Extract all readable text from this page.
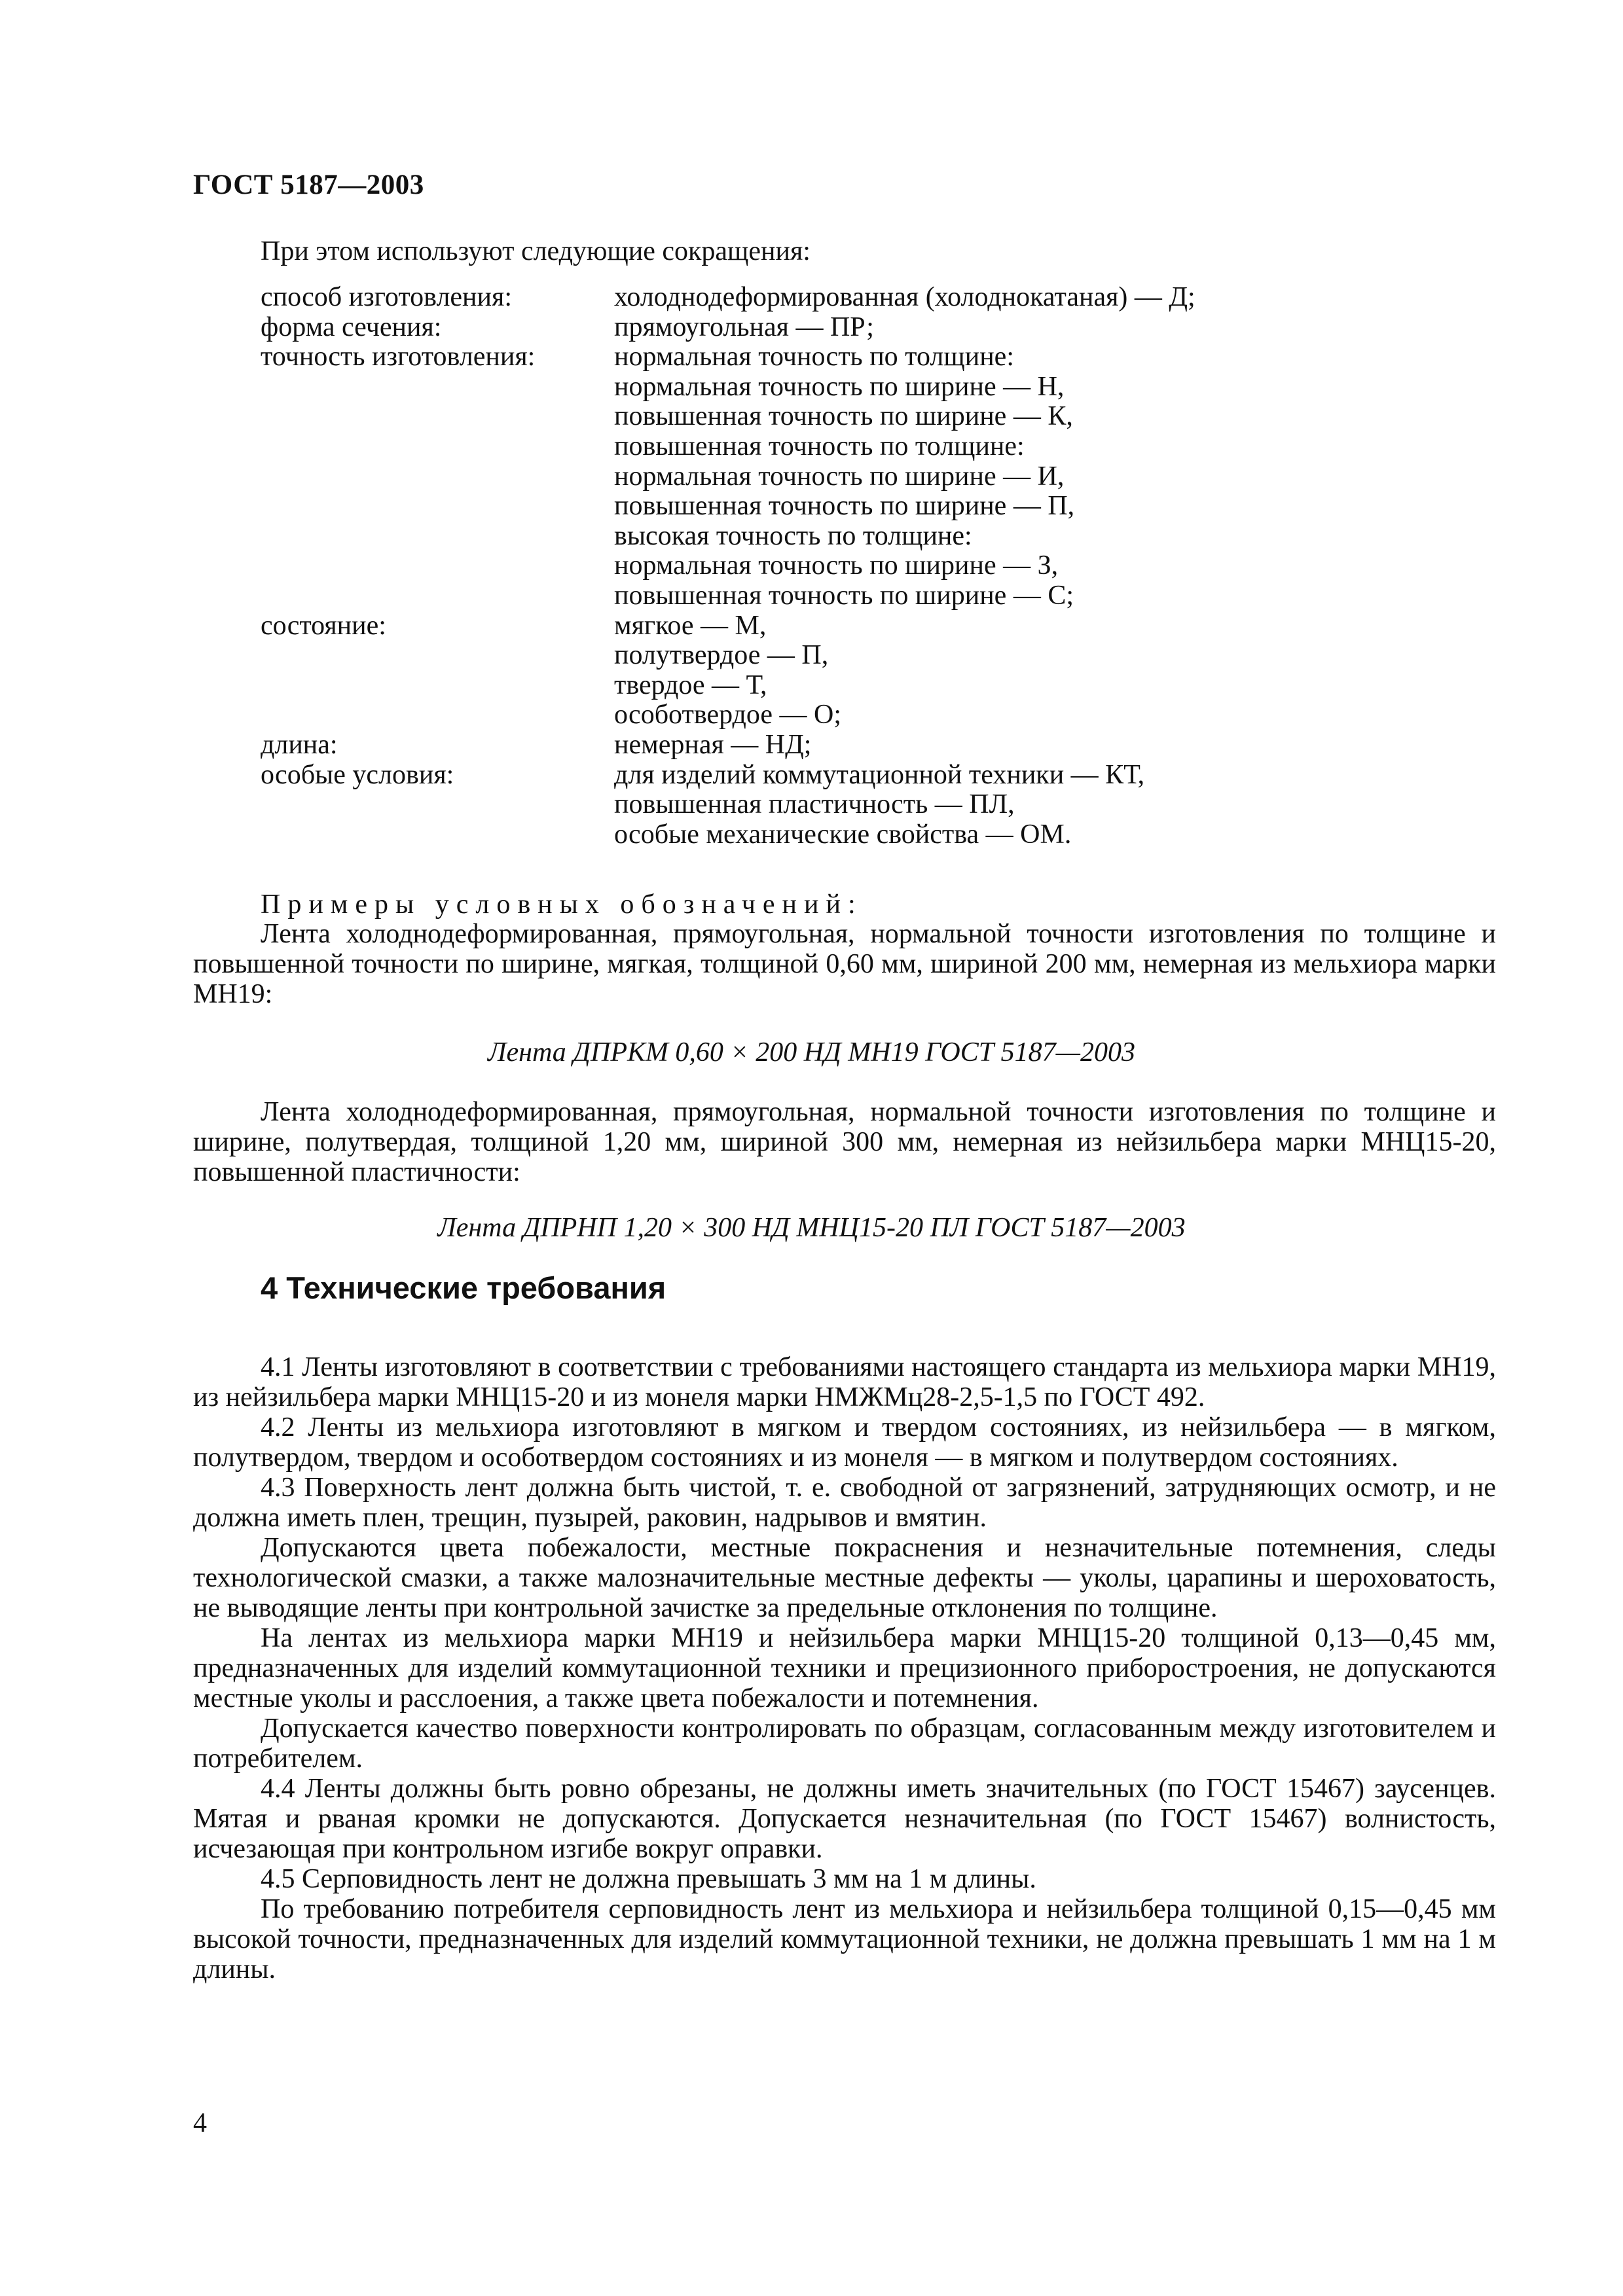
ГОСТ 5187—2003
При этом используют следующие сокращения:
способ изготовления:	холоднодеформированная (холоднокатаная) — Д;
форма сечения:	прямоугольная — ПР;
точность изготовления:	нормальная точность по толщине:
нормальная точность по ширине — Н,
повышенная точность по ширине — К,
повышенная точность по толщине:
нормальная точность по ширине — И,
повышенная точность по ширине — П,
высокая точность по толщине:
нормальная точность по ширине — З,
повышенная точность по ширине — С;
состояние:	мягкое — М,
полутвердое — П,
твердое — Т,
особотвердое — О;
длина:	немерная — НД;
особые условия:	для изделий коммутационной техники — КТ,
повышенная пластичность — ПЛ,
особые механические свойства — ОМ.
Примеры условных обозначений:

Лента холоднодеформированная, прямоугольная, нормальной точности изготовления по толщине и повышенной точности по ширине, мягкая, толщиной 0,60 мм, шириной 200 мм, немерная из мельхиора марки МН19:

Лента ДПРКМ 0,60 × 200 НД МН19 ГОСТ 5187—2003

Лента холоднодеформированная, прямоугольная, нормальной точности изготовления по толщине и ширине, полутвердая, толщиной 1,20 мм, шириной 300 мм, немерная из нейзильбера марки МНЦ15-20, повышенной пластичности:

Лента ДПРНП 1,20 × 300 НД МНЦ15-20 ПЛ ГОСТ 5187—2003
4 Технические требования

4.1 Ленты изготовляют в соответствии с требованиями настоящего стандарта из мельхиора марки МН19, из нейзильбера марки МНЦ15-20 и из монеля марки НМЖМц28-2,5-1,5 по ГОСТ 492.

4.2 Ленты из мельхиора изготовляют в мягком и твердом состояниях, из нейзильбера — в мягком, полутвердом, твердом и особотвердом состояниях и из монеля — в мягком и полутвердом состояниях.

4.3 Поверхность лент должна быть чистой, т. е. свободной от загрязнений, затрудняющих осмотр, и не должна иметь плен, трещин, пузырей, раковин, надрывов и вмятин.

Допускаются цвета побежалости, местные покраснения и незначительные потемнения, следы технологической смазки, а также малозначительные местные дефекты — уколы, царапины и шероховатость, не выводящие ленты при контрольной зачистке за предельные отклонения по толщине.

На лентах из мельхиора марки МН19 и нейзильбера марки МНЦ15-20 толщиной 0,13—0,45 мм, предназначенных для изделий коммутационной техники и прецизионного приборостроения, не допускаются местные уколы и расслоения, а также цвета побежалости и потемнения.

Допускается качество поверхности контролировать по образцам, согласованным между изготовителем и потребителем.

4.4 Ленты должны быть ровно обрезаны, не должны иметь значительных (по ГОСТ 15467) заусенцев. Мятая и рваная кромки не допускаются. Допускается незначительная (по ГОСТ 15467) волнистость, исчезающая при контрольном изгибе вокруг оправки.

4.5 Серповидность лент не должна превышать 3 мм на 1 м длины.

По требованию потребителя серповидность лент из мельхиора и нейзильбера толщиной 0,15—0,45 мм высокой точности, предназначенных для изделий коммутационной техники, не должна превышать 1 мм на 1 м длины.

4
